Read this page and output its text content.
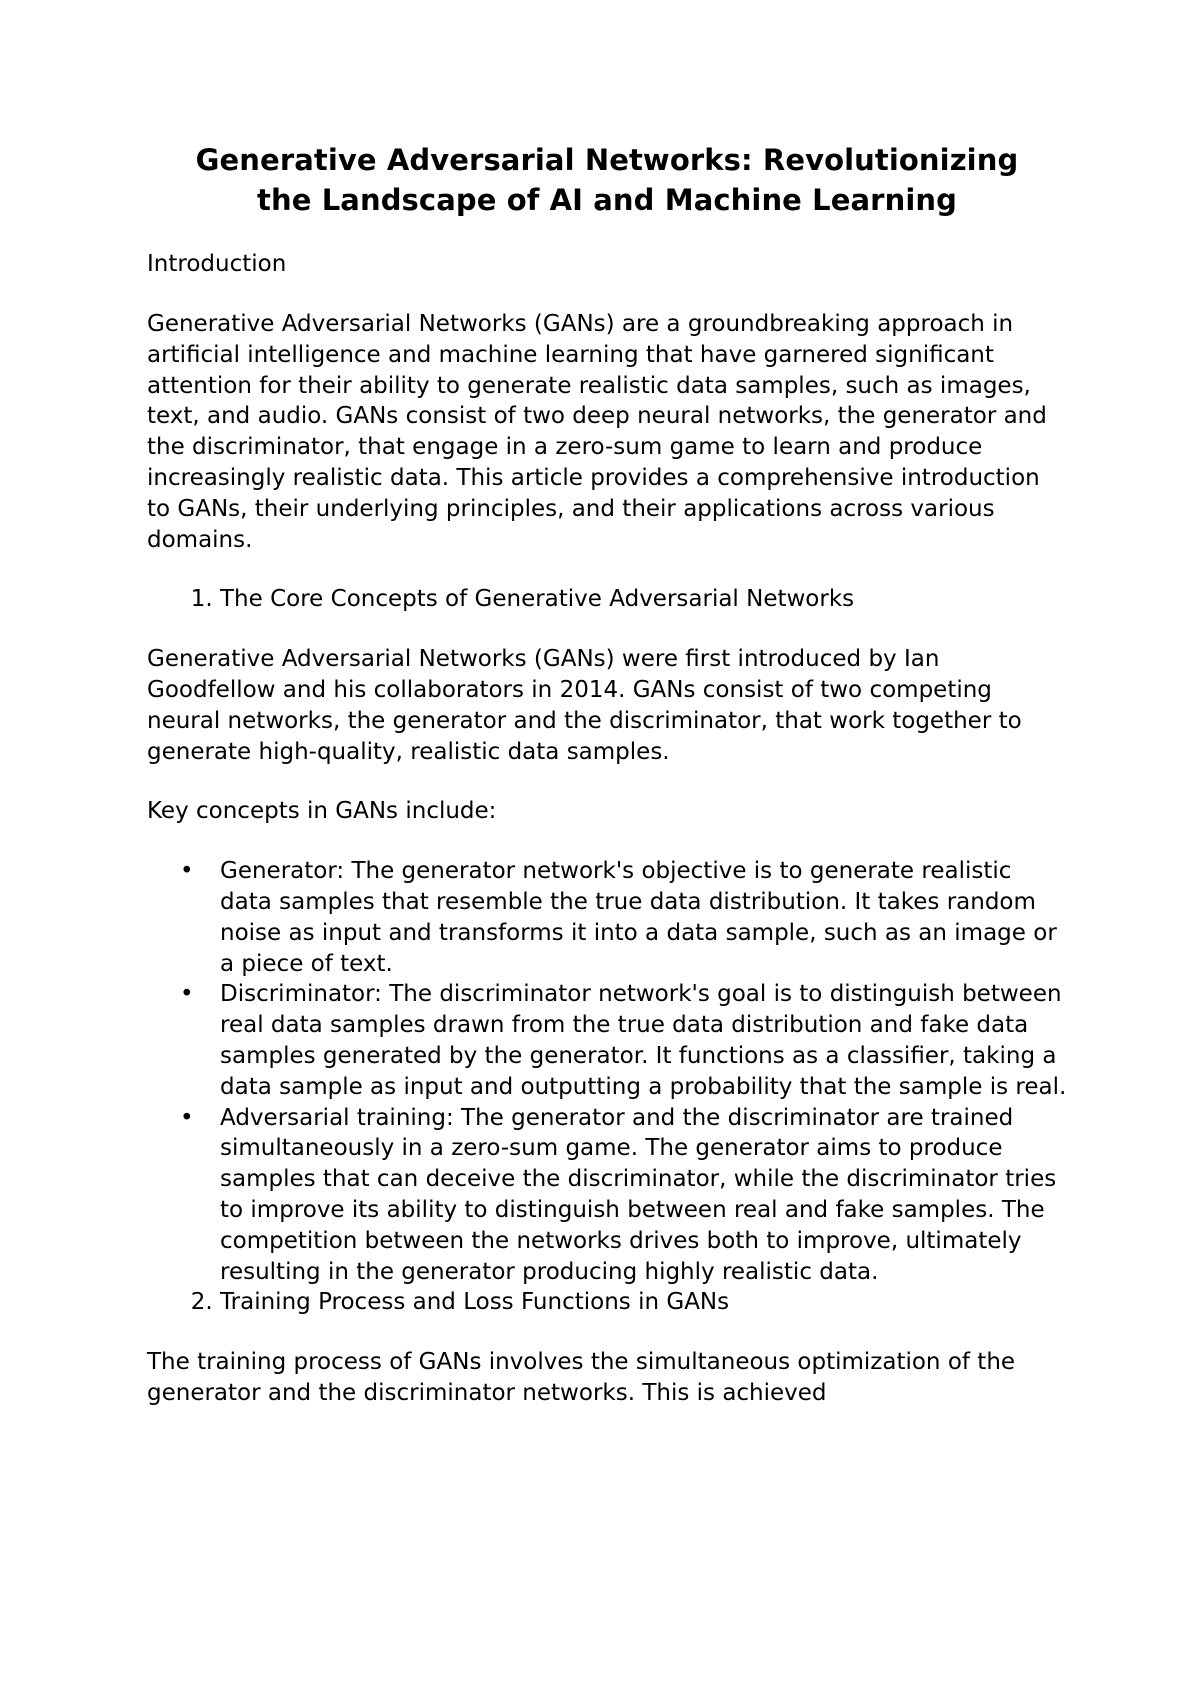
Generative Adversarial Networks: Revolutionizing
the Landscape of AI and Machine Learning
Introduction

Generative Adversarial Networks (GANs) are a groundbreaking approach in artificial intelligence and machine learning that have garnered significant attention for their ability to generate realistic data samples, such as images, text, and audio. GANs consist of two deep neural networks, the generator and the discriminator, that engage in a zero-sum game to learn and produce increasingly realistic data. This article provides a comprehensive introduction to GANs, their underlying principles, and their applications across various domains.

1. The Core Concepts of Generative Adversarial Networks

Generative Adversarial Networks (GANs) were first introduced by Ian Goodfellow and his collaborators in 2014. GANs consist of two competing neural networks, the generator and the discriminator, that work together to generate high-quality, realistic data samples.

Key concepts in GANs include:

• Generator: The generator network's objective is to generate realistic data samples that resemble the true data distribution. It takes random noise as input and transforms it into a data sample, such as an image or a piece of text.
• Discriminator: The discriminator network's goal is to distinguish between real data samples drawn from the true data distribution and fake data samples generated by the generator. It functions as a classifier, taking a data sample as input and outputting a probability that the sample is real.
• Adversarial training: The generator and the discriminator are trained simultaneously in a zero-sum game. The generator aims to produce samples that can deceive the discriminator, while the discriminator tries to improve its ability to distinguish between real and fake samples. The competition between the networks drives both to improve, ultimately resulting in the generator producing highly realistic data.
2. Training Process and Loss Functions in GANs

The training process of GANs involves the simultaneous optimization of the generator and the discriminator networks. This is achieved
